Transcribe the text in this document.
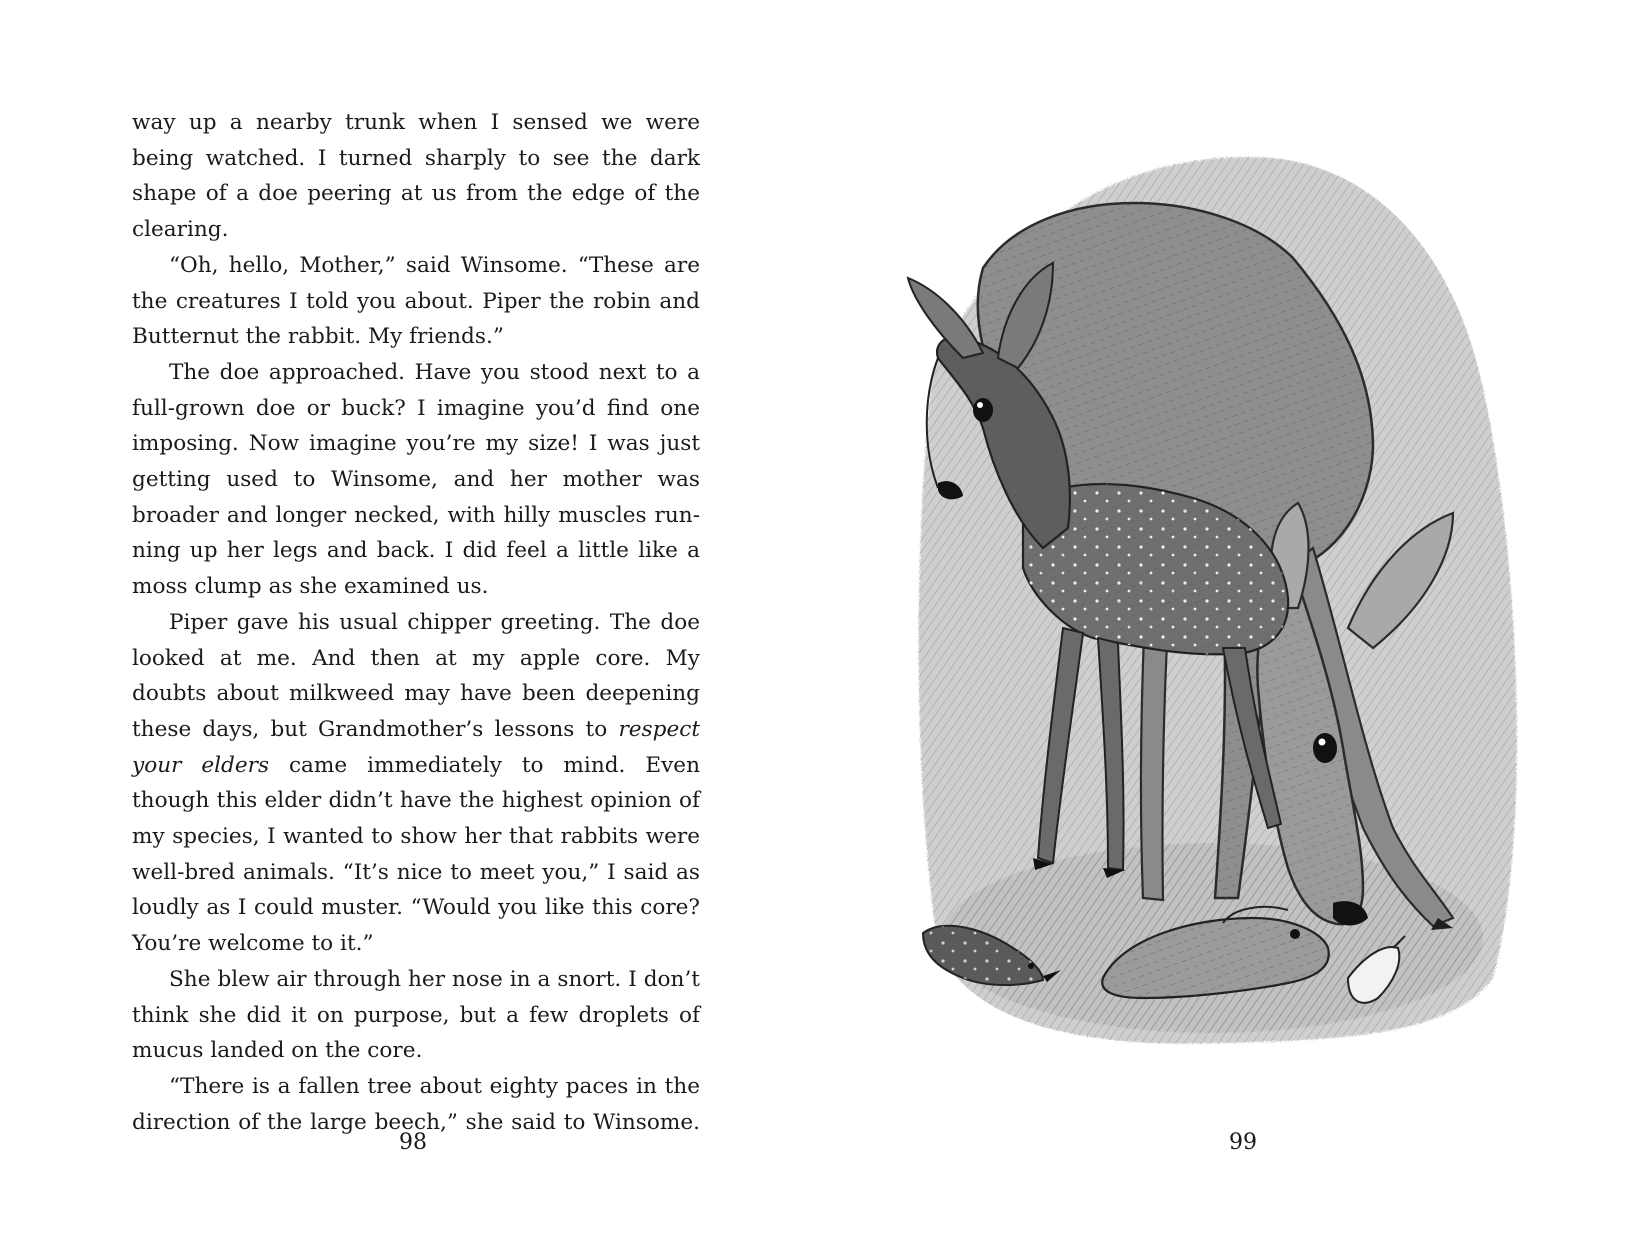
way up a nearby trunk when I sensed we were being watched. I turned sharply to see the dark shape of a doe peering at us from the edge of the clearing.

“Oh, hello, Mother,” said Winsome. “These are the creatures I told you about. Piper the robin and Butternut the rabbit. My friends.”

The doe approached. Have you stood next to a full-grown doe or buck? I imagine you’d find one imposing. Now imagine you’re my size! I was just getting used to Winsome, and her mother was broader and longer necked, with hilly muscles running up her legs and back. I did feel a little like a moss clump as she examined us.

Piper gave his usual chipper greeting. The doe looked at me. And then at my apple core. My doubts about milkweed may have been deepening these days, but Grandmother’s lessons to respect your elders came immediately to mind. Even though this elder didn’t have the highest opinion of my species, I wanted to show her that rabbits were well-bred animals. “It’s nice to meet you,” I said as loudly as I could muster. “Would you like this core? You’re welcome to it.”

She blew air through her nose in a snort. I don’t think she did it on purpose, but a few droplets of mucus landed on the core.

“There is a fallen tree about eighty paces in the direction of the large beech,” she said to Winsome.

98	99
